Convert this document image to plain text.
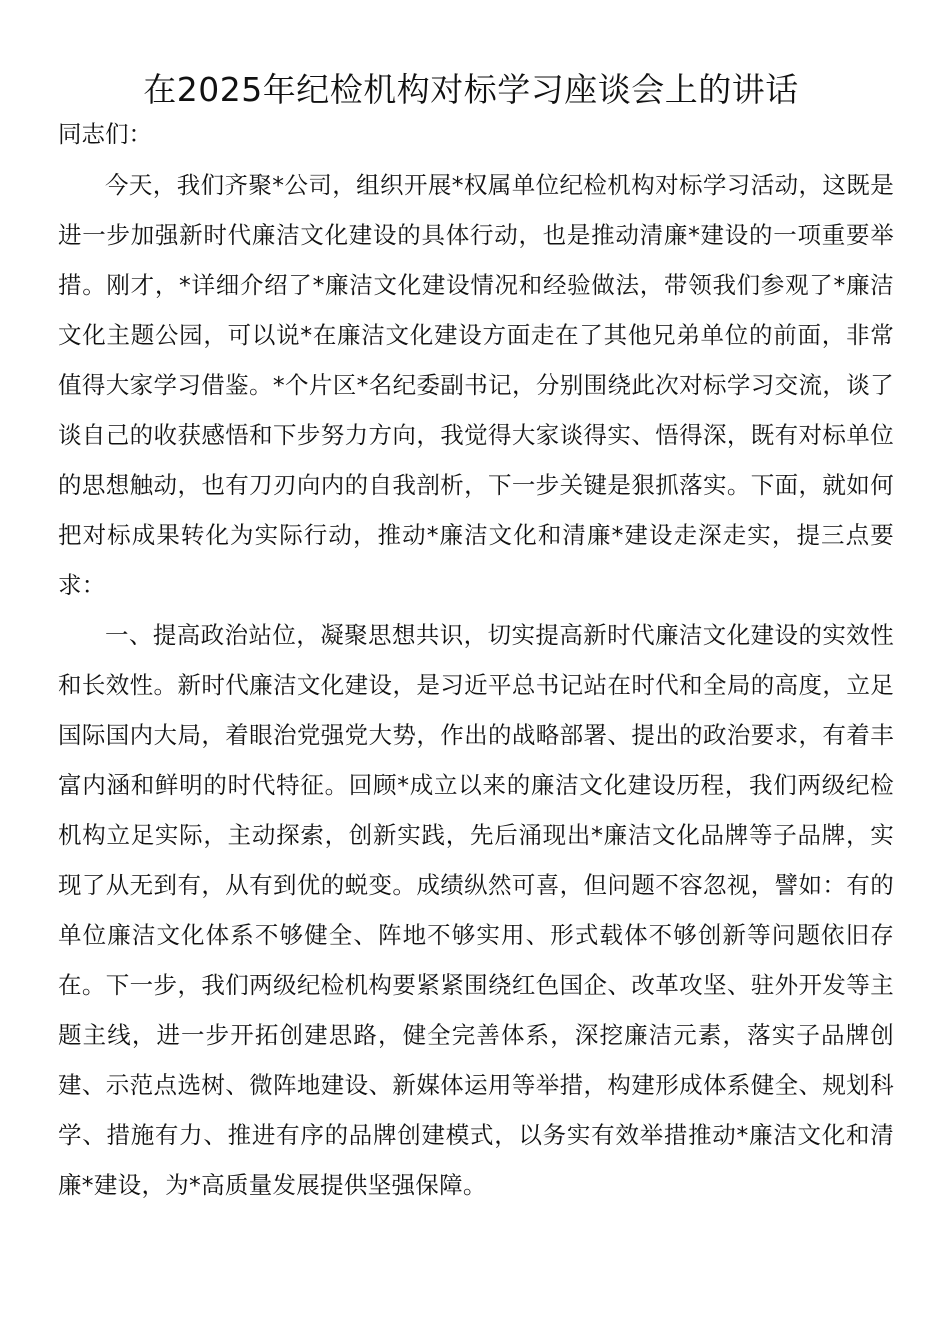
在2025年纪检机构对标学习座谈会上的讲话

同志们：

今天，我们齐聚*公司，组织开展*权属单位纪检机构对标学习活动，这既是进一步加强新时代廉洁文化建设的具体行动，也是推动清廉*建设的一项重要举措。刚才，*详细介绍了*廉洁文化建设情况和经验做法，带领我们参观了*廉洁文化主题公园，可以说*在廉洁文化建设方面走在了其他兄弟单位的前面，非常值得大家学习借鉴。*个片区*名纪委副书记，分别围绕此次对标学习交流，谈了谈自己的收获感悟和下步努力方向，我觉得大家谈得实、悟得深，既有对标单位的思想触动，也有刀刃向内的自我剖析，下一步关键是狠抓落实。下面，就如何把对标成果转化为实际行动，推动*廉洁文化和清廉*建设走深走实，提三点要求：

一、提高政治站位，凝聚思想共识，切实提高新时代廉洁文化建设的实效性和长效性。新时代廉洁文化建设，是习近平总书记站在时代和全局的高度，立足国际国内大局，着眼治党强党大势，作出的战略部署、提出的政治要求，有着丰富内涵和鲜明的时代特征。回顾*成立以来的廉洁文化建设历程，我们两级纪检机构立足实际，主动探索，创新实践，先后涌现出*廉洁文化品牌等子品牌，实现了从无到有，从有到优的蜕变。成绩纵然可喜，但问题不容忽视，譬如：有的单位廉洁文化体系不够健全、阵地不够实用、形式载体不够创新等问题依旧存在。下一步，我们两级纪检机构要紧紧围绕红色国企、改革攻坚、驻外开发等主题主线，进一步开拓创建思路，健全完善体系，深挖廉洁元素，落实子品牌创建、示范点选树、微阵地建设、新媒体运用等举措，构建形成体系健全、规划科学、措施有力、推进有序的品牌创建模式，以务实有效举措推动*廉洁文化和清廉*建设，为*高质量发展提供坚强保障。
